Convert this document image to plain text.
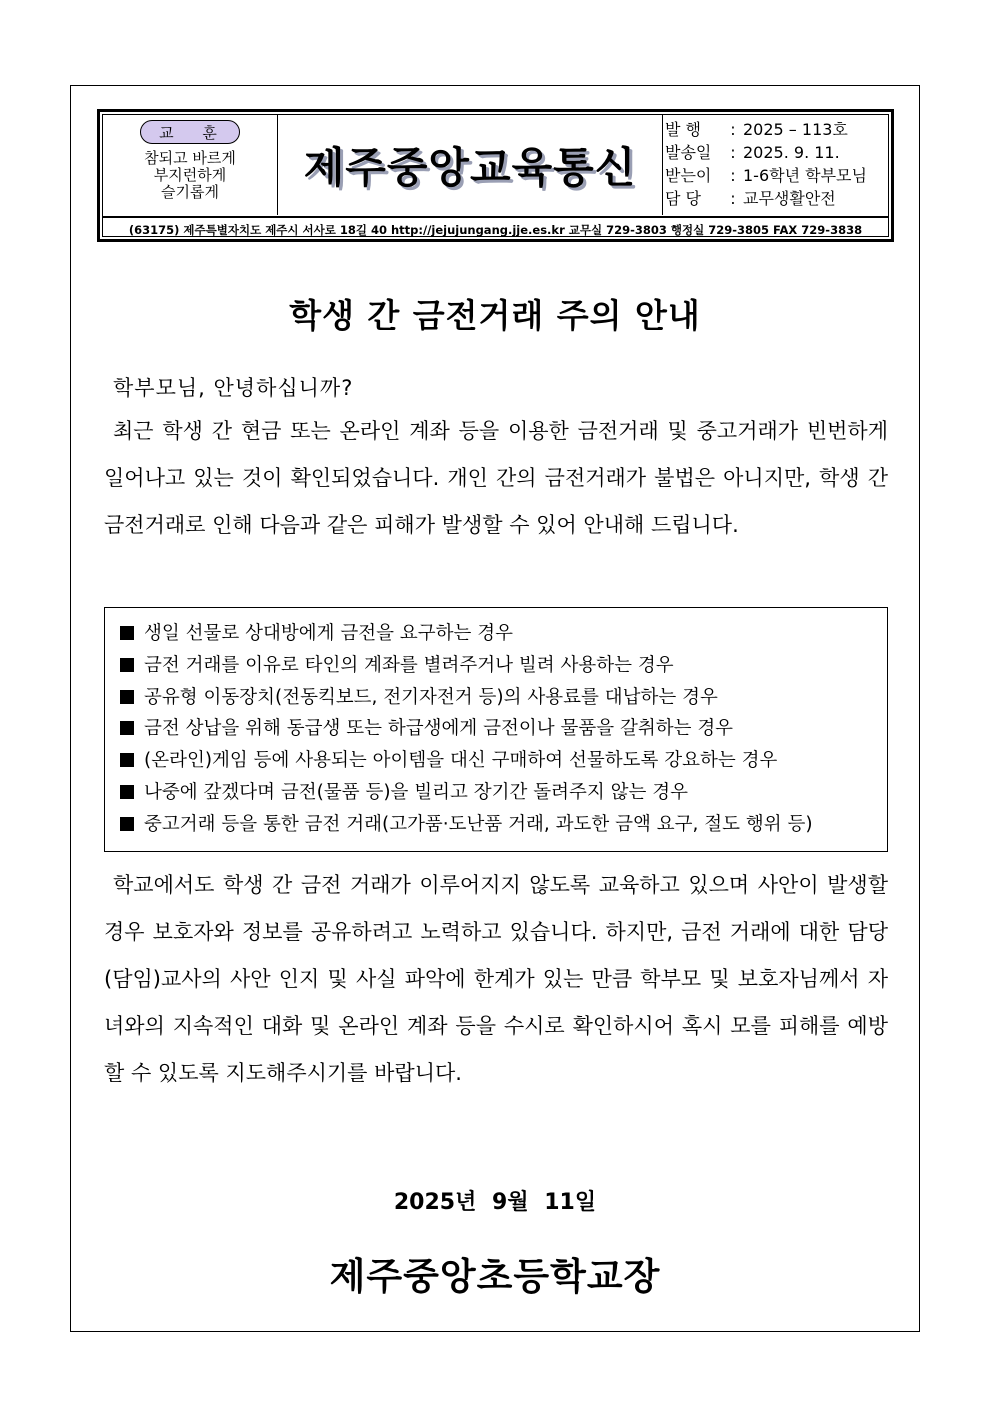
교 훈
참되고 바르게
부지런하게
슬기롭게	제주중앙교육통신
발 행	: 2025 – 113호
발송일	: 2025. 9. 11.
받는이	: 1-6학년 학부모님
담 당	: 교무생활안전
(63175) 제주특별자치도 제주시 서사로 18길 40 http://jejujungang.jje.es.kr 교무실 729-3803 행정실 729-3805 FAX 729-3838
학생 간 금전거래 주의 안내
학부모님, 안녕하십니까?
최근 학생 간 현금 또는 온라인 계좌 등을 이용한 금전거래 및 중고거래가 빈번하게 일어나고 있는 것이 확인되었습니다. 개인 간의 금전거래가 불법은 아니지만, 학생 간 금전거래로 인해 다음과 같은 피해가 발생할 수 있어 안내해 드립니다.
생일 선물로 상대방에게 금전을 요구하는 경우
금전 거래를 이유로 타인의 계좌를 별려주거나 빌려 사용하는 경우
공유형 이동장치(전동킥보드, 전기자전거 등)의 사용료를 대납하는 경우
금전 상납을 위해 동급생 또는 하급생에게 금전이나 물품을 갈취하는 경우
(온라인)게임 등에 사용되는 아이템을 대신 구매하여 선물하도록 강요하는 경우
나중에 갚겠다며 금전(물품 등)을 빌리고 장기간 돌려주지 않는 경우
중고거래 등을 통한 금전 거래(고가품·도난품 거래, 과도한 금액 요구, 절도 행위 등)
학교에서도 학생 간 금전 거래가 이루어지지 않도록 교육하고 있으며 사안이 발생할 경우 보호자와 정보를 공유하려고 노력하고 있습니다. 하지만, 금전 거래에 대한 담당(담임)교사의 사안 인지 및 사실 파악에 한계가 있는 만큼 학부모 및 보호자님께서 자녀와의 지속적인 대화 및 온라인 계좌 등을 수시로 확인하시어 혹시 모를 피해를 예방할 수 있도록 지도해주시기를 바랍니다.
2025년 9월 11일
제주중앙초등학교장
